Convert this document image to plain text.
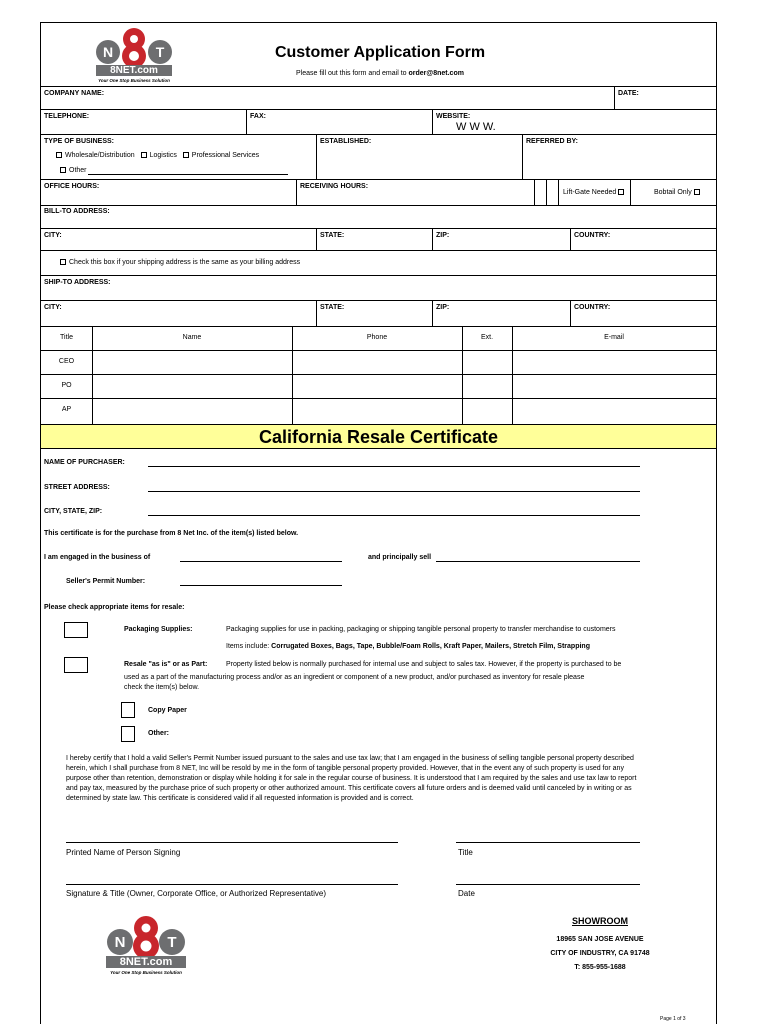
N	T
8NET.com
Your One Stop Business Solution
Customer Application Form
Please fill out this form and email to order@8net.com
COMPANY NAME:	DATE:
TELEPHONE:	FAX:	WEBSITE:
W W W.
TYPE OF BUSINESS:	ESTABLISHED:	REFERRED BY:
Wholesale/Distribution Logistics Professional Services
Other
OFFICE HOURS:	RECEIVING HOURS:
Lift-Gate Needed	Bobtail Only
BILL-TO ADDRESS:
CITY:	STATE:	ZIP:	COUNTRY:
Check this box if your shipping address is the same as your billing address
SHIP-TO ADDRESS:
CITY:	STATE:	ZIP:	COUNTRY:
Title	Name	Phone	Ext.	E-mail
CEO
PO
AP
California Resale Certificate
NAME OF PURCHASER:
STREET ADDRESS:
CITY, STATE, ZIP:
This certificate is for the purchase from 8 Net Inc. of the item(s) listed below.
I am engaged in the business of	and principally sell
Seller's Permit Number:
Please check appropriate items for resale:
Packaging Supplies:	Packaging supplies for use in packing, packaging or shipping tangible personal property to transfer merchandise to customers
Items include: Corrugated Boxes, Bags, Tape, Bubble/Foam Rolls, Kraft Paper, Mailers, Stretch Film, Strapping
Resale "as is" or as Part:	Property listed below is normally purchased for internal use and subject to sales tax. However, if the property is purchased to be
used as a part of the manufacturing process and/or as an ingredient or component of a new product, and/or purchased as inventory for resale please
check the item(s) below.
Copy Paper
Other:
I hereby certify that I hold a valid Seller's Permit Number issued pursuant to the sales and use tax law; that I am engaged in the business of selling tangible personal property described herein, which I shall purchase from 8 NET, Inc will be resold by me in the form of tangible personal property provided. However, that in the event any of such property is used for any purpose other than retention, demonstration or display while holding it for sale in the regular course of business. It is understood that I am required by the sales and use tax law to report and pay tax, measured by the purchase price of such property or other authorized amount. This certificate covers all future orders and is deemed valid until canceled by in writing or as determined by state law. This certificate is considered valid if all requested information is provided and is correct.
Printed Name of Person Signing	Title
Signature & Title (Owner, Corporate Office, or Authorized Representative)	Date
N	T
8NET.com
Your One Stop Business Solution
SHOWROOM
18965 SAN JOSE AVENUE
CITY OF INDUSTRY, CA 91748
T: 855-955-1688
Page 1 of 3
